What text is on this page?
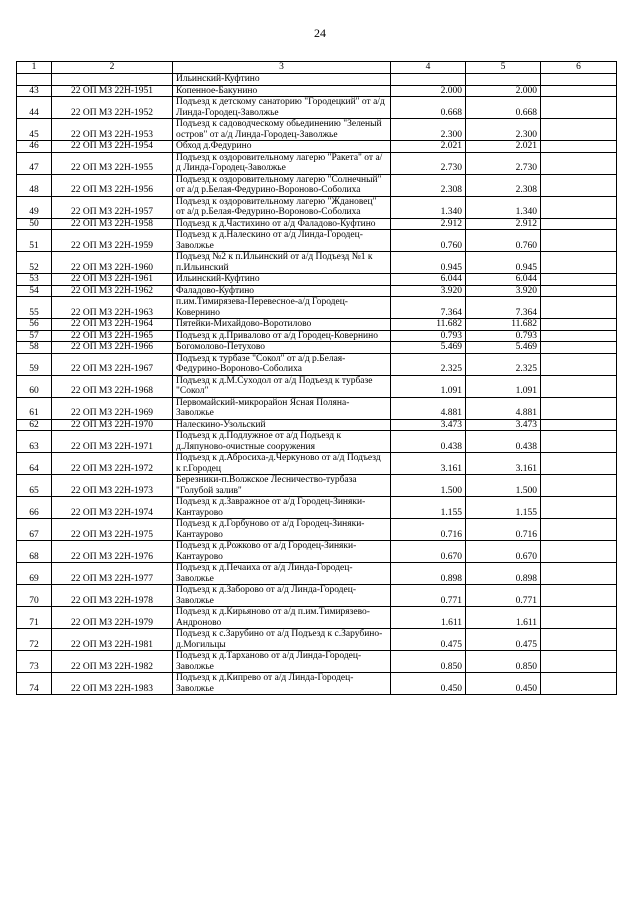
24
1	2	3	4	5	6
		Ильинский-Куфтино			
43	22 ОП МЗ 22Н-1951	Копенное-Бакунино	2.000	2.000	
44	22 ОП МЗ 22Н-1952	Подъезд к детскому санаторию "Городецкий" от а/д Линда-Городец-Заволжье	0.668	0.668	
45	22 ОП МЗ 22Н-1953	Подъезд к садоводческому обьединению "Зеленый остров" от а/д Линда-Городец-Заволжье	2.300	2.300	
46	22 ОП МЗ 22Н-1954	Обход д.Федурино	2.021	2.021	
47	22 ОП МЗ 22Н-1955	Подъезд к оздоровительному лагерю "Ракета" от а/д Линда-Городец-Заволжье	2.730	2.730	
48	22 ОП МЗ 22Н-1956	Подъезд к оздоровительному лагерю "Солнечный" от а/д р.Белая-Федурино-Вороново-Соболиха	2.308	2.308	
49	22 ОП МЗ 22Н-1957	Подъезд к оздоровительному лагерю "Ждановец" от а/д р.Белая-Федурино-Вороново-Соболиха	1.340	1.340	
50	22 ОП МЗ 22Н-1958	Подъезд к д.Частихино от а/д Фаладово-Куфтино	2.912	2.912	
51	22 ОП МЗ 22Н-1959	Подъезд к д.Налескино от а/д Линда-Городец-Заволжье	0.760	0.760	
52	22 ОП МЗ 22Н-1960	Подъезд №2 к п.Ильинский от а/д Подъезд №1 к п.Ильинский	0.945	0.945	
53	22 ОП МЗ 22Н-1961	Ильинский-Куфтино	6.044	6.044	
54	22 ОП МЗ 22Н-1962	Фаладово-Куфтино	3.920	3.920	
55	22 ОП МЗ 22Н-1963	п.им.Тимирязева-Перевесное-а/д Городец-Ковернино	7.364	7.364	
56	22 ОП МЗ 22Н-1964	Пятейки-Михайдово-Воротилово	11.682	11.682	
57	22 ОП МЗ 22Н-1965	Подъезд к д.Привалово от а/д Городец-Ковернино	0.793	0.793	
58	22 ОП МЗ 22Н-1966	Богомолово-Петухово	5.469	5.469	
59	22 ОП МЗ 22Н-1967	Подъезд к турбазе "Сокол" от а/д р.Белая-Федурино-Вороново-Соболиха	2.325	2.325	
60	22 ОП МЗ 22Н-1968	Подъезд к д.М.Суходол от а/д Подъезд к турбазе "Сокол"	1.091	1.091	
61	22 ОП МЗ 22Н-1969	Первомайский-микрорайон Ясная Поляна-Заволжье	4.881	4.881	
62	22 ОП МЗ 22Н-1970	Налескино-Узольский	3.473	3.473	
63	22 ОП МЗ 22Н-1971	Подъезд к д.Подлужное от а/д Подъезд к д.Ляпуново-очистные сооружения	0.438	0.438	
64	22 ОП МЗ 22Н-1972	Подъезд к д.Абросиха-д.Черкуново от а/д Подъезд к г.Городец	3.161	3.161	
65	22 ОП МЗ 22Н-1973	Березники-п.Волжское Лесничество-турбаза "Голубой залив"	1.500	1.500	
66	22 ОП МЗ 22Н-1974	Подъезд к д.Завражное от а/д Городец-Зиняки-Кантаурово	1.155	1.155	
67	22 ОП МЗ 22Н-1975	Подъезд к д.Горбуново от а/д Городец-Зиняки-Кантаурово	0.716	0.716	
68	22 ОП МЗ 22Н-1976	Подъезд к д.Рожково от а/д Городец-Зиняки-Кантаурово	0.670	0.670	
69	22 ОП МЗ 22Н-1977	Подъезд к д.Печаиха от а/д Линда-Городец-Заволжье	0.898	0.898	
70	22 ОП МЗ 22Н-1978	Подъезд к д.Заборово от а/д Линда-Городец-Заволжье	0.771	0.771	
71	22 ОП МЗ 22Н-1979	Подъезд к д.Кирьяново от а/д п.им.Тимирязево-Андроново	1.611	1.611	
72	22 ОП МЗ 22Н-1981	Подъезд к с.Зарубино от а/д Подъезд к с.Зарубино-д.Могильцы	0.475	0.475	
73	22 ОП МЗ 22Н-1982	Подъезд к д.Тарханово от а/д Линда-Городец-Заволжье	0.850	0.850	
74	22 ОП МЗ 22Н-1983	Подъезд к д.Кипрево от а/д Линда-Городец-Заволжье	0.450	0.450	
